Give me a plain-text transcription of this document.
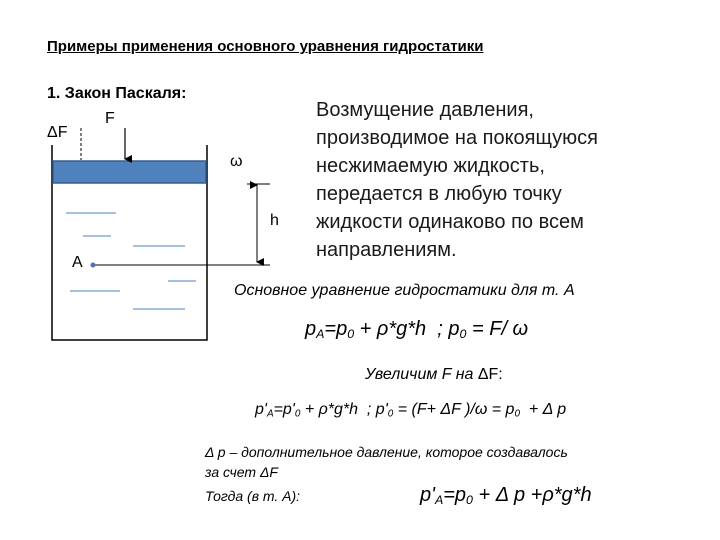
Примеры применения основного уравнения гидростатики
1. Закон Паскаля:
ΔF
F
ω
h
A
Возмущение давления,
производимое на покоящуюся
несжимаемую жидкость,
передается в любую точку
жидкости одинаково по всем
направлениям.
Основное уравнение гидростатики для т. А
$p_A=p_0 + \rho*g*h$  ; $p_0 = F/$ ω
Увеличим F на ΔF:
$p'_A=p'_0 + \rho*g*h$  ; $p'_0 = (F+ \Delta F$ )$/\omega = p_0 + \Delta$ p
Δ p – дополнительное давление, которое создавалось
за счет ΔF
Тогда (в т. А):	$p'_A=p_0 + \Delta$ p +ρ*g*h
